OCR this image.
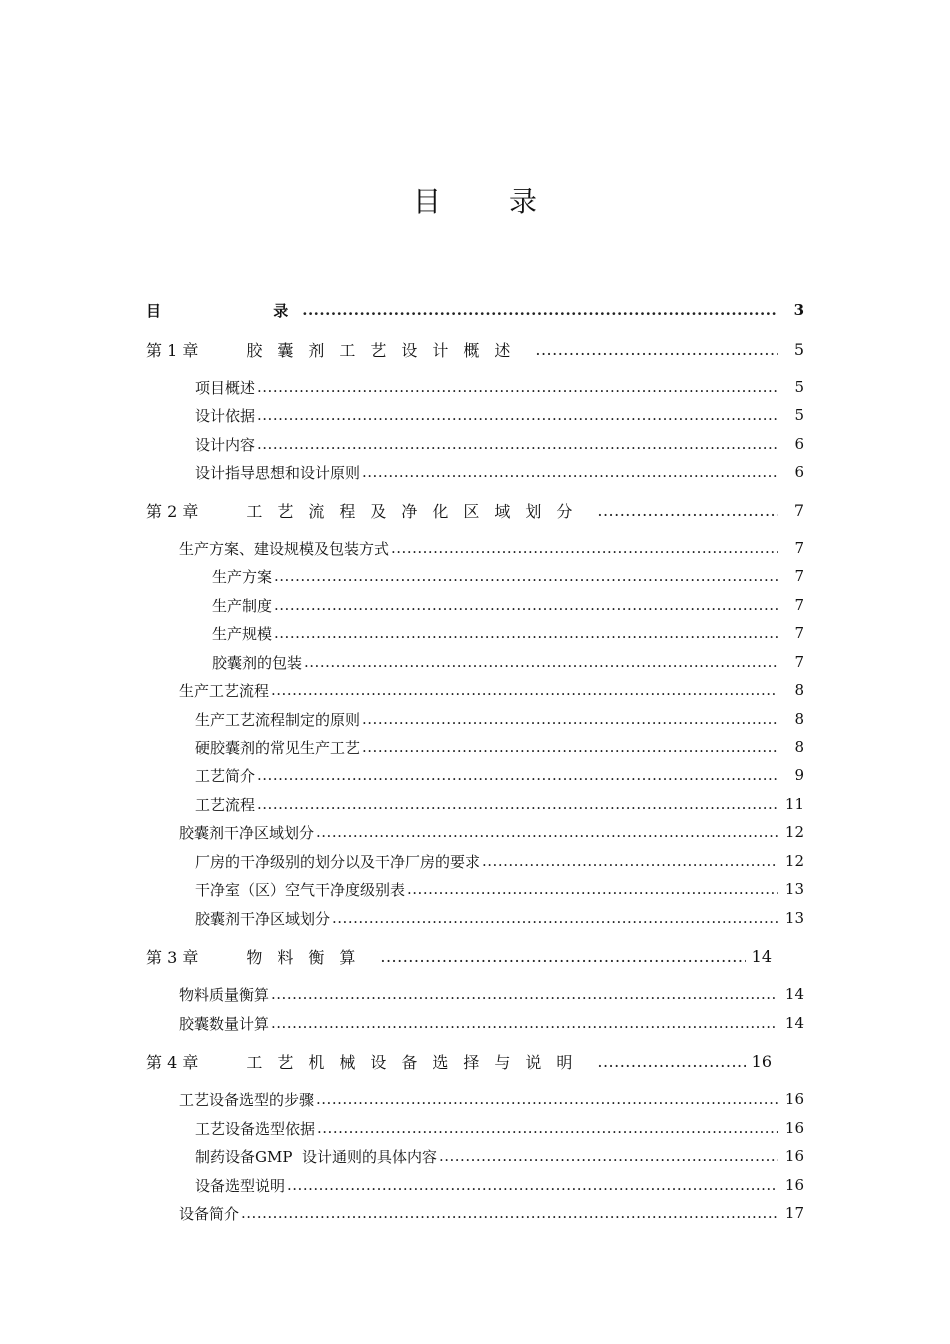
目 录
目          录 .....	3
第 1 章	胶囊剂工艺设计概述 .....	5
项目概述 .....	5
设计依据 .....	5
设计内容 .....	6
设计指导思想和设计原则 .....	6
第 2 章	工艺流程及净化区域划分 .....	7
生产方案、建设规模及包装方式 .....	7
生产方案 .....	7
生产制度 .....	7
生产规模 .....	7
胶囊剂的包装 .....	7
生产工艺流程 .....	8
生产工艺流程制定的原则 .....	8
硬胶囊剂的常见生产工艺 .....	8
工艺简介 .....	9
工艺流程 .....	11
胶囊剂干净区域划分 .....	12
厂房的干净级别的划分以及干净厂房的要求 .....	12
干净室（区）空气干净度级别表 .....	13
胶囊剂干净区域划分 .....	13
第 3 章	物料衡算 .....	14
物料质量衡算 .....	14
胶囊数量计算 .....	14
第 4 章	工艺机械设备选择与说明 .....	16
工艺设备选型的步骤 .....	16
工艺设备选型依据 .....	16
制药设备GMP  设计通则的具体内容 .....	16
设备选型说明 .....	16
设备简介 .....	17
